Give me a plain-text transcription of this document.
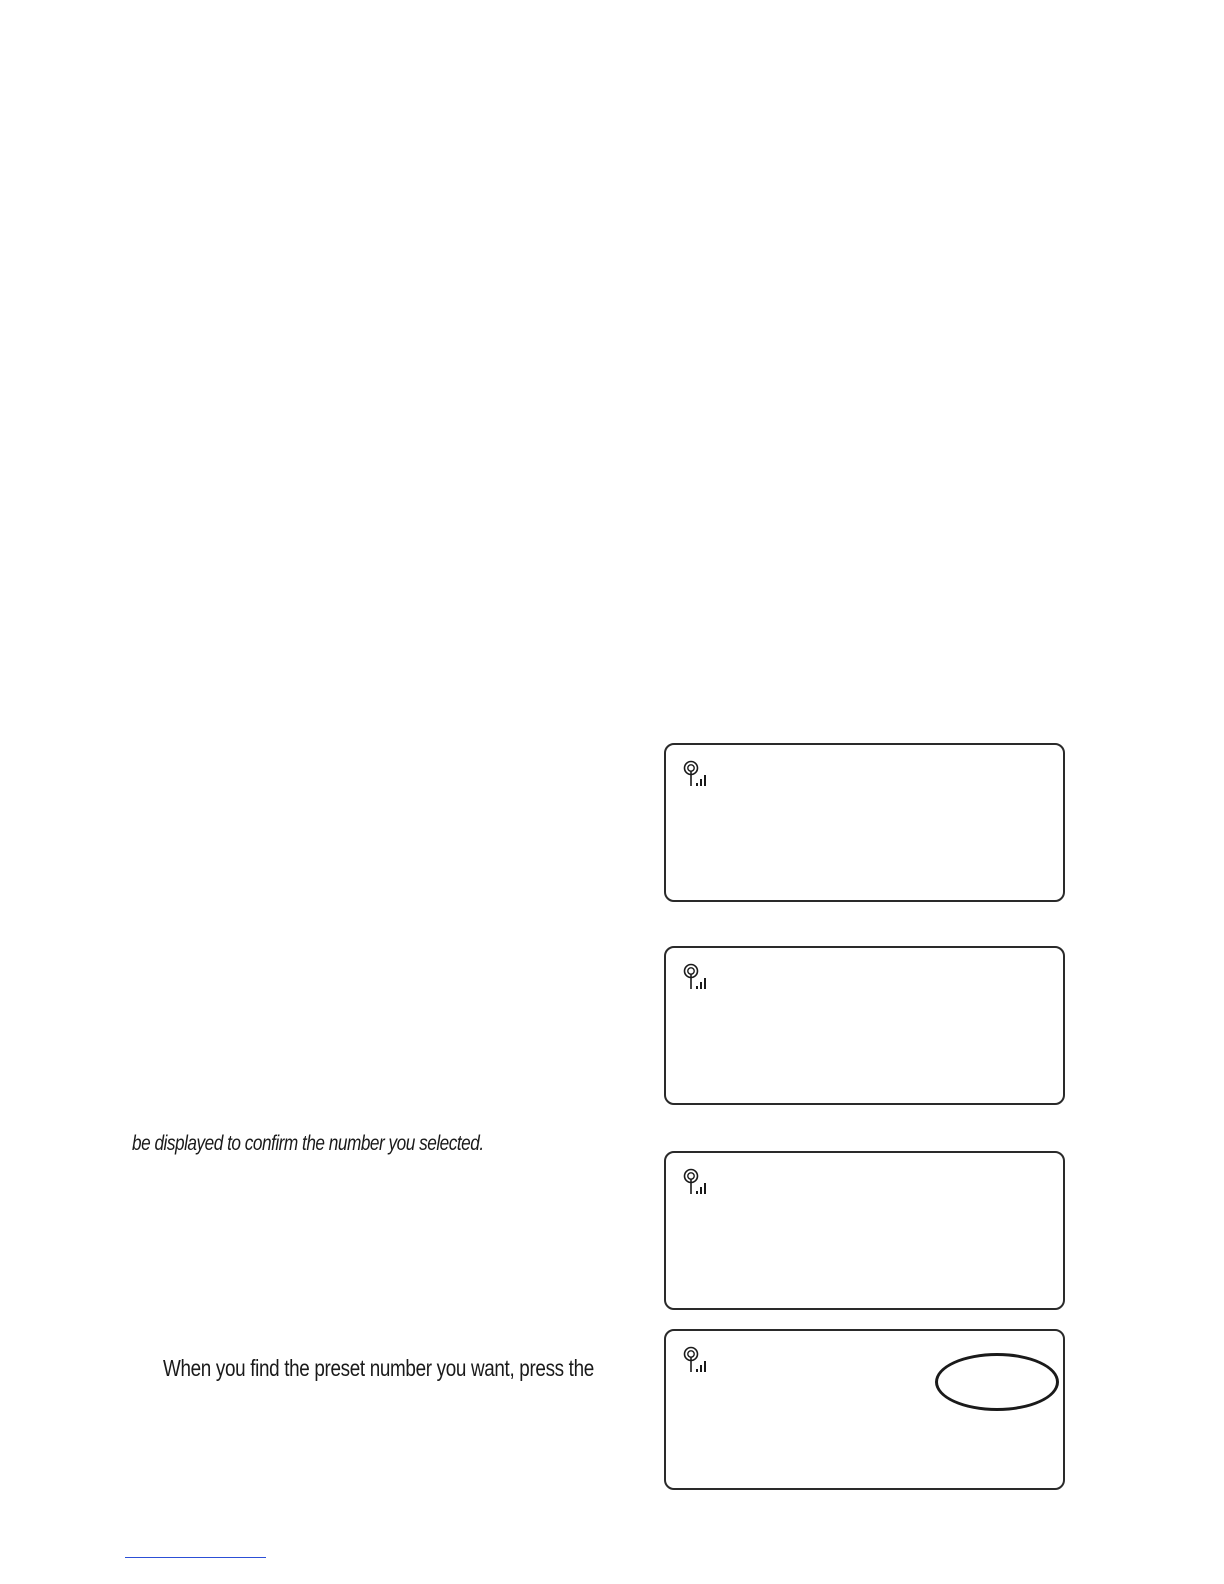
be displayed to confirm the number you selected.
When you find the preset number you want, press the
